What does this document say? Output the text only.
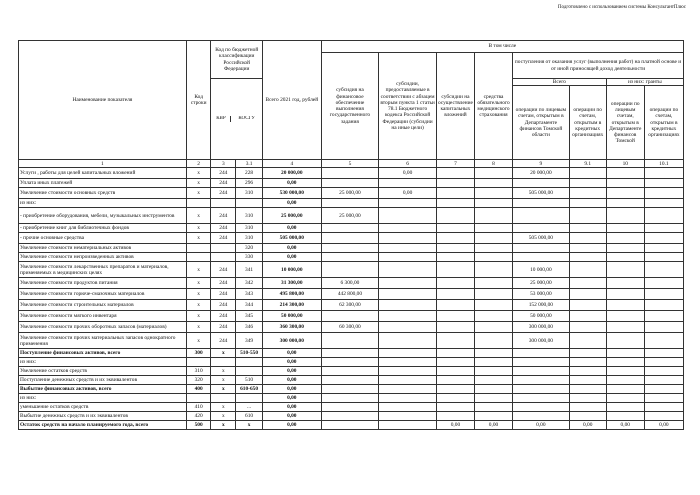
Подготовлено с использованием системы КонсультантПлюс
Наименование показателя	Код строки	Код по бюджетной классификации Российской Федерации	Всего 2021 год, рублей	В том числе
субсидия на финансовое обеспечение выполнения государственного задания	субсидии, предоставляемые в соответствии с абзацем вторым пункта 1 статьи 78.1 Бюджетного кодекса Российской Федерации (субсидии на иные цели)	субсидии на осуществление капитальных вложений	средства обязательного медицинского страхования	поступления от оказания услуг (выполнения работ) на платной основе и от иной приносящей доход деятельности

КВР	КОСГУ
	Всего	из них: гранты
операции по лицевым счетам, открытым в Департаменте финансов Томской области	операции по счетам, открытым в кредитных организациях	операции по лицевым счетам, открытым в Департаменте финансов Томской	операции по счетам, открытым в кредитных организациях
1	2	3	3.1	4	5	6	7	8	9	9.1	10	10.1
Услуги , работы для целей капитальных вложений	x	244	228	20 000,00		0,00			20 000,00			
Уплата иных платежей	x	244	296	0,00								
Увеличение стоимости основных средств	x	244	310	530 000,00	25 000,00	0,00			505 000,00			
из них:				0,00								
- приобретение оборудования, мебели, музыкальных инструментов	x	244	310	25 000,00	25 000,00							
- приобретение книг для библиотечных фондов	x	244	310	0,00								
- прочие основные средства	x	244	310	505 000,00					505 000,00			
Увеличение стоимости нематериальных активов			320	0,00								
Увеличение стоимости непроизведенных активов			330	0,00								
Увеличение стоимости лекарственных препаратов и материалов, применяемых в медицинских целях	x	244	341	10 000,00					10 000,00			
Увеличение стоимости продуктов питания	x	244	342	31 300,00	6 300,00				25 000,00			
Увеличение стоимости горюче-смазочных материалов	x	244	343	495 800,00	442 800,00				53 000,00			
Увеличение стоимости строительных материалов	x	244	344	214 300,00	62 300,00				152 000,00			
Увеличение стоимости мягкого инвентаря	x	244	345	50 000,00					50 000,00			
Увеличение стоимости прочих оборотных запасов (материалов)	x	244	346	360 300,00	60 300,00				300 000,00			
Увеличение стоимости прочих материальных запасов однократного применения	x	244	349	300 000,00					300 000,00			
Поступление финансовых активов, всего	300	x	510-550	0,00								
из них:				0,00								
Увеличение остатков средств	310	x		0,00								
Поступление денежных средств и их эквивалентов	320	x	510	0,00								
Выбытие финансовых активов, всего	400	x	610-650	0,00								
из них:				0,00								
уменьшение остатков средств	410	x	...	0,00								
Выбытие денежных средств и их эквивалентов	420	x	610	0,00								
Остаток средств на начало планируемого года, всего	500	x	x	0,00			0,00	0,00	0,00	0,00	0,00	0,00
